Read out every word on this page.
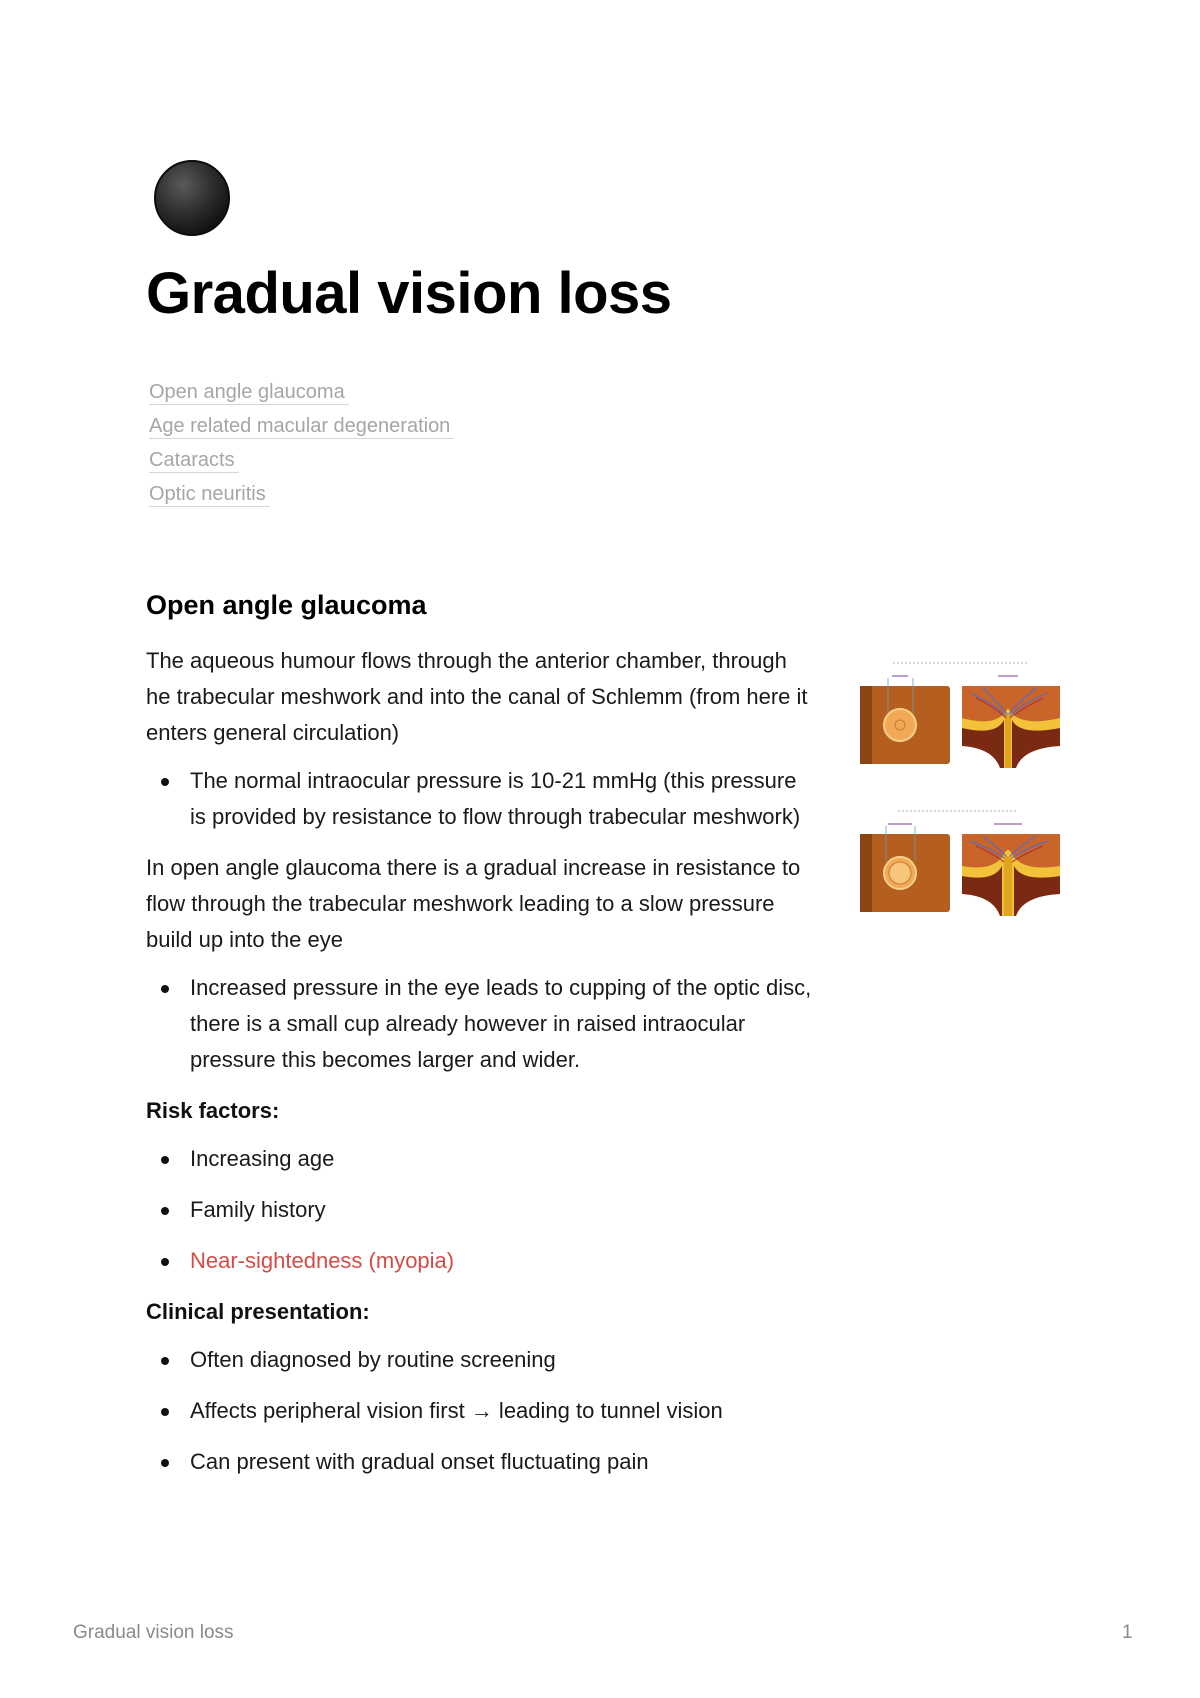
Gradual vision loss
Open angle glaucoma
Age related macular degeneration
Cataracts
Optic neuritis
Open angle glaucoma

The aqueous humour flows through the anterior chamber, through he trabecular meshwork and into the canal of Schlemm (from here it enters general circulation)

The normal intraocular pressure is 10-21 mmHg (this pressure is provided by resistance to flow through trabecular meshwork)

In open angle glaucoma there is a gradual increase in resistance to flow through the trabecular meshwork leading to a slow pressure build up into the eye

Increased pressure in the eye leads to cupping of the optic disc, there is a small cup already however in raised intraocular pressure this becomes larger and wider.

Risk factors:

Increasing age
Family history
Near-sightedness (myopia)

Clinical presentation:

Often diagnosed by routine screening
Affects peripheral vision first → leading to tunnel vision
Can present with gradual onset fluctuating pain
Gradual vision loss	1
